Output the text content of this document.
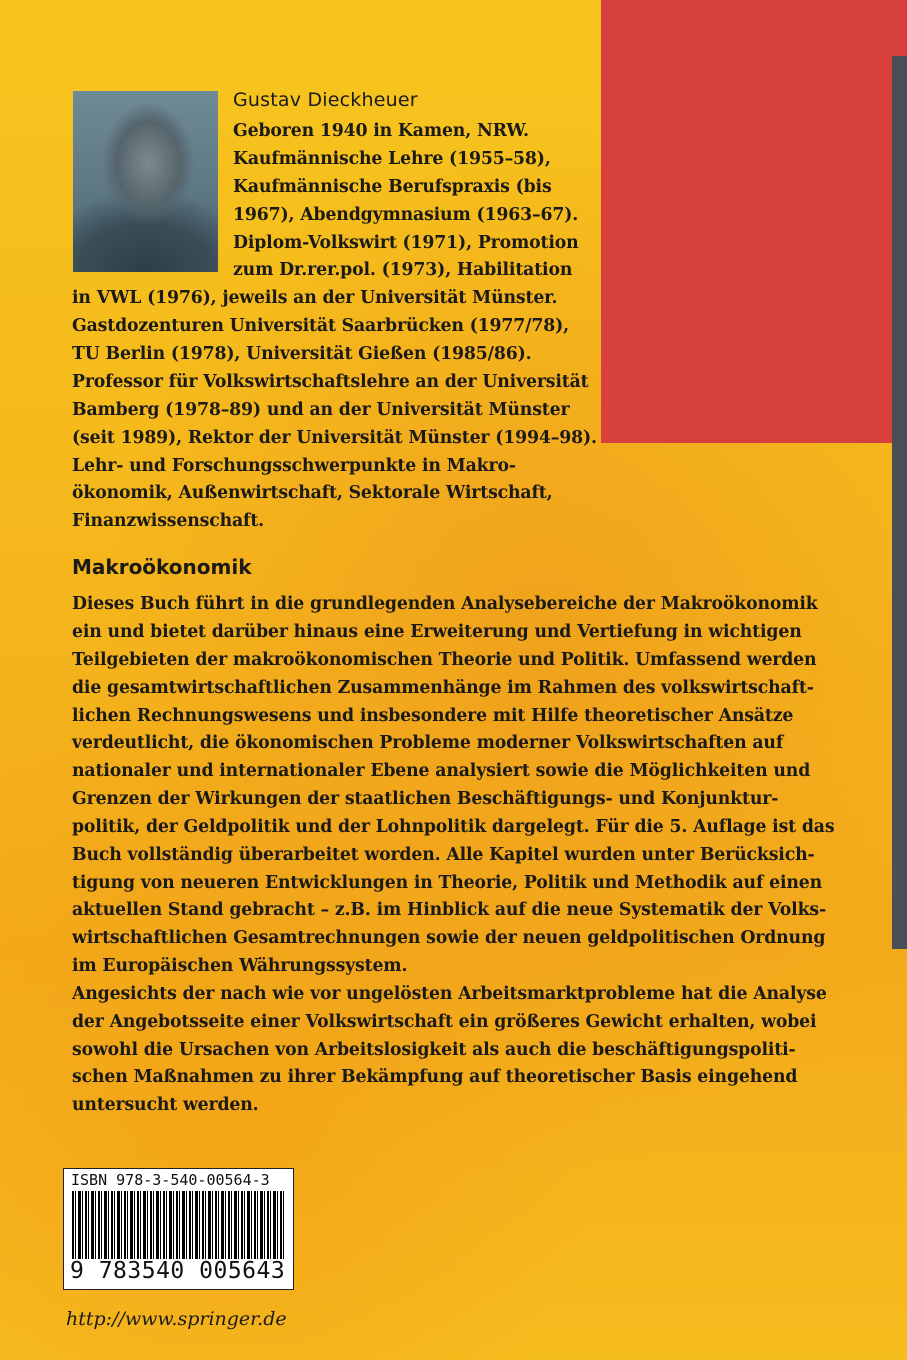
Gustav Dieckheuer
Geboren 1940 in Kamen, NRW.
Kaufmännische Lehre (1955–58),
Kaufmännische Berufspraxis (bis
1967), Abendgymnasium (1963–67).
Diplom-Volkswirt (1971), Promotion
zum Dr.rer.pol. (1973), Habilitation
in VWL (1976), jeweils an der Universität Münster.
Gastdozenturen Universität Saarbrücken (1977/78),
TU Berlin (1978), Universität Gießen (1985/86).
Professor für Volkswirtschaftslehre an der Universität
Bamberg (1978–89) und an der Universität Münster
(seit 1989), Rektor der Universität Münster (1994–98).
Lehr- und Forschungsschwerpunkte in Makro-
ökonomik, Außenwirtschaft, Sektorale Wirtschaft,
Finanzwissenschaft.
Makroökonomik
Dieses Buch führt in die grundlegenden Analysebereiche der Makroökonomik
ein und bietet darüber hinaus eine Erweiterung und Vertiefung in wichtigen
Teilgebieten der makroökonomischen Theorie und Politik. Umfassend werden
die gesamtwirtschaftlichen Zusammenhänge im Rahmen des volkswirtschaft-
lichen Rechnungswesens und insbesondere mit Hilfe theoretischer Ansätze
verdeutlicht, die ökonomischen Probleme moderner Volkswirtschaften auf
nationaler und internationaler Ebene analysiert sowie die Möglichkeiten und
Grenzen der Wirkungen der staatlichen Beschäftigungs- und Konjunktur-
politik, der Geldpolitik und der Lohnpolitik dargelegt. Für die 5. Auflage ist das
Buch vollständig überarbeitet worden. Alle Kapitel wurden unter Berücksich-
tigung von neueren Entwicklungen in Theorie, Politik und Methodik auf einen
aktuellen Stand gebracht – z.B. im Hinblick auf die neue Systematik der Volks-
wirtschaftlichen Gesamtrechnungen sowie der neuen geldpolitischen Ordnung
im Europäischen Währungssystem.
Angesichts der nach wie vor ungelösten Arbeitsmarktprobleme hat die Analyse
der Angebotsseite einer Volkswirtschaft ein größeres Gewicht erhalten, wobei
sowohl die Ursachen von Arbeitslosigkeit als auch die beschäftigungspoliti-
schen Maßnahmen zu ihrer Bekämpfung auf theoretischer Basis eingehend
untersucht werden.
ISBN 978-3-540-00564-3
9 783540 005643
http://www.springer.de
